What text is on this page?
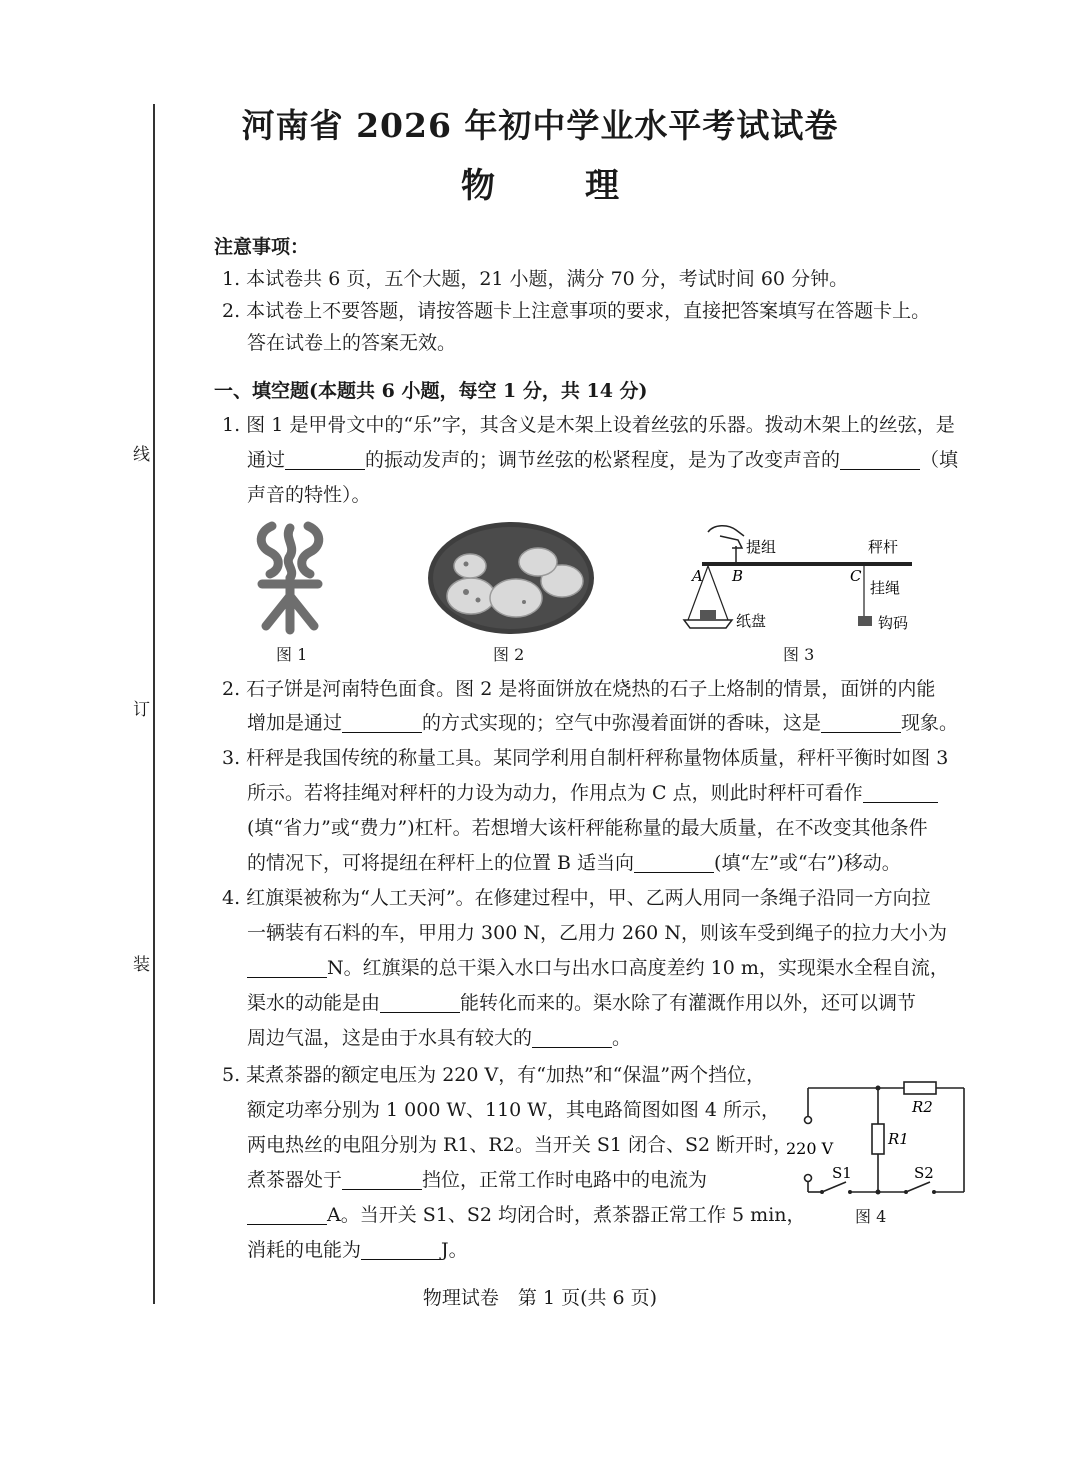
线
订
装
河南省 2026 年初中学业水平考试试卷
物理
注意事项：
1. 本试卷共 6 页，五个大题，21 小题，满分 70 分，考试时间 60 分钟。
2. 本试卷上不要答题，请按答题卡上注意事项的要求，直接把答案填写在答题卡上。
答在试卷上的答案无效。
一、填空题(本题共 6 小题，每空 1 分，共 14 分)
1. 图 1 是甲骨文中的“乐”字，其含义是木架上设着丝弦的乐器。拨动木架上的丝弦，是
通过	的振动发声的；调节丝弦的松紧程度，是为了改变声音的	（填
声音的特性）。
图 1	图 2
提组	秤杆
A B	C
纸盘
挂绳
钩码
图 3
2. 石子饼是河南特色面食。图 2 是将面饼放在烧热的石子上烙制的情景，面饼的内能
增加是通过	的方式实现的；空气中弥漫着面饼的香味，这是	现象。
3. 杆秤是我国传统的称量工具。某同学利用自制杆秤称量物体质量，秤杆平衡时如图 3
所示。若将挂绳对秤杆的力设为动力，作用点为 C 点，则此时秤杆可看作
(填“省力”或“费力”)杠杆。若想增大该杆秤能称量的最大质量，在不改变其他条件
的情况下，可将提纽在秤杆上的位置 B 适当向	(填“左”或“右”)移动。
4. 红旗渠被称为“人工天河”。在修建过程中，甲、乙两人用同一条绳子沿同一方向拉
一辆装有石料的车，甲用力 300 N，乙用力 260 N，则该车受到绳子的拉力大小为
N。红旗渠的总干渠入水口与出水口高度差约 10 m，实现渠水全程自流，
渠水的动能是由	能转化而来的。渠水除了有灌溉作用以外，还可以调节
周边气温，这是由于水具有较大的	。
5. 某煮茶器的额定电压为 220 V，有“加热”和“保温”两个挡位，
额定功率分别为 1 000 W、110 W，其电路简图如图 4 所示，
两电热丝的电阻分别为 R1、R2。当开关 S1 闭合、S2 断开时，
煮茶器处于	挡位，正常工作时电路中的电流为
A。当开关 S1、S2 均闭合时，煮茶器正常工作 5 min，
消耗的电能为	J。
220 V
R2
R1
S1	S2
图 4
物理试卷　第 1 页(共 6 页)
